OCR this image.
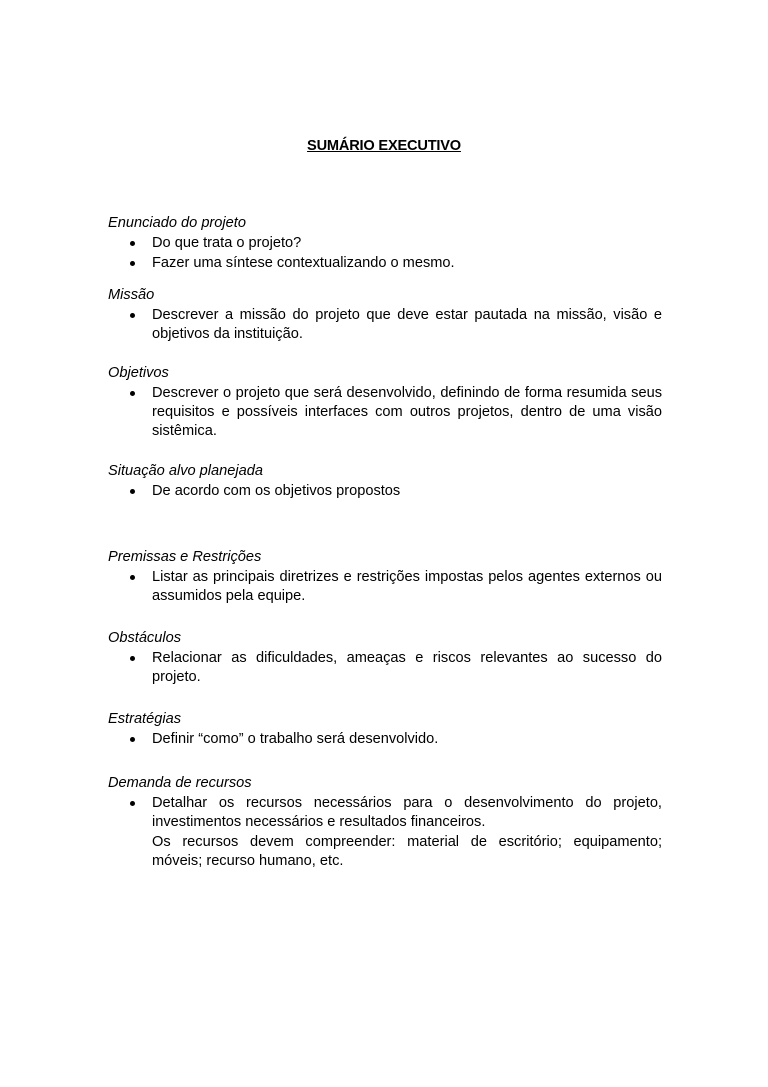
SUMÁRIO EXECUTIVO

Enunciado do projeto

Do que trata o projeto?
Fazer uma síntese contextualizando o mesmo.

Missão

Descrever a missão do projeto que deve estar pautada na missão, visão e objetivos da instituição.

Objetivos

Descrever o projeto que será desenvolvido, definindo de forma resumida seus requisitos e possíveis interfaces com outros projetos, dentro de uma visão sistêmica.

Situação alvo planejada

De acordo com os objetivos propostos

Premissas e Restrições

Listar as principais diretrizes e restrições impostas pelos agentes externos ou assumidos pela equipe.

Obstáculos

Relacionar as dificuldades, ameaças e riscos relevantes ao sucesso do projeto.

Estratégias

Definir “como” o trabalho será desenvolvido.

Demanda de recursos

Detalhar os recursos necessários para o desenvolvimento do projeto, investimentos necessários e resultados financeiros.

Os recursos devem compreender: material de escritório; equipamento; móveis; recurso humano, etc.
